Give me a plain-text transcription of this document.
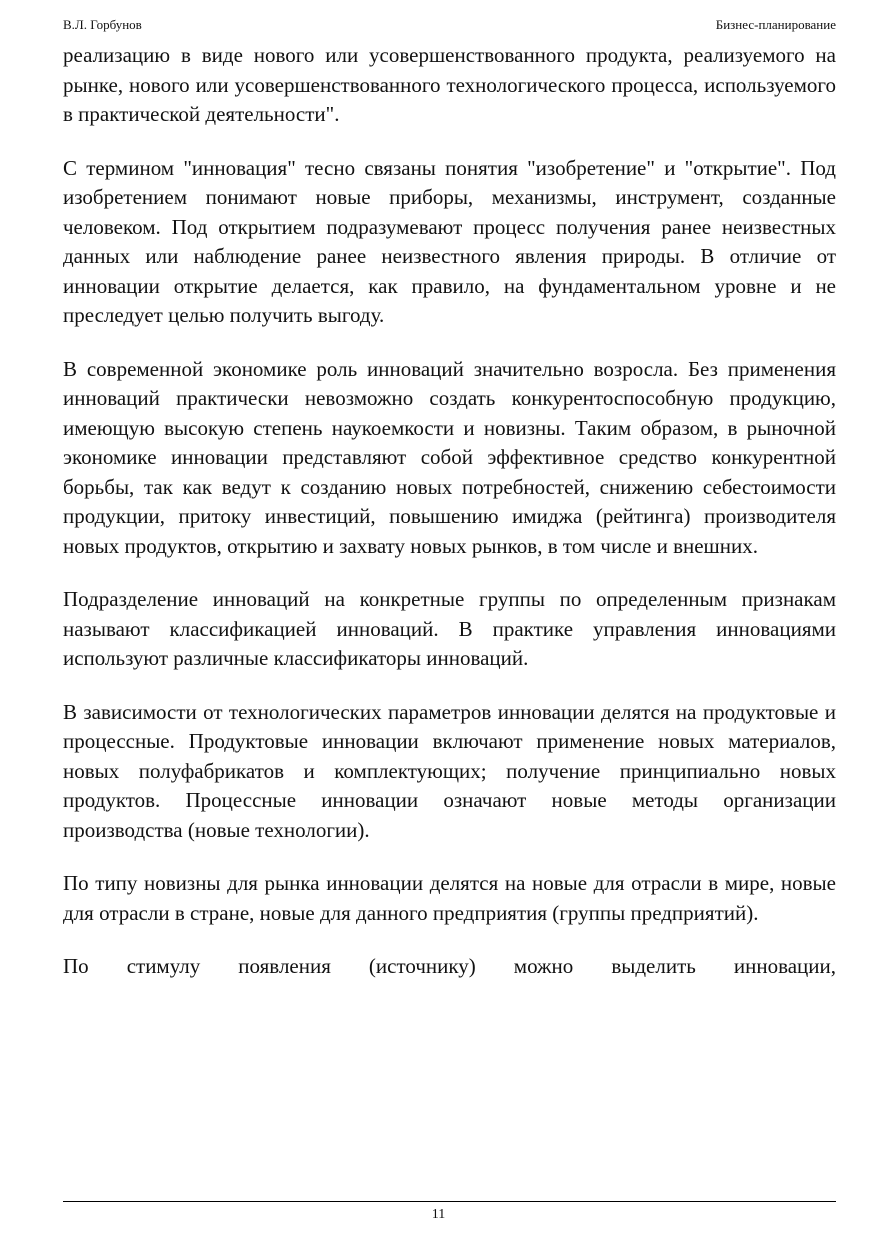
В.Л. Горбунов	Бизнес-планирование

реализацию в виде нового или усовершенствованного продукта, реализуемого на рынке, нового или усовершенствованного технологического процесса, используемого в практической деятельности".

С термином "инновация" тесно связаны понятия "изобретение" и "открытие". Под изобретением понимают новые приборы, механизмы, инструмент, созданные человеком. Под открытием подразумевают процесс получения ранее неизвестных данных или наблюдение ранее неизвестного явления природы. В отличие от инновации открытие делается, как правило, на фундаментальном уровне и не преследует целью получить выгоду.

В современной экономике роль инноваций значительно возросла. Без применения инноваций практически невозможно создать конкурентоспособную продукцию, имеющую высокую степень наукоемкости и новизны. Таким образом, в рыночной экономике инновации представляют собой эффективное средство конкурентной борьбы, так как ведут к созданию новых потребностей, снижению себестоимости продукции, притоку инвестиций, повышению имиджа (рейтинга) производителя новых продуктов, открытию и захвату новых рынков, в том числе и внешних.

Подразделение инноваций на конкретные группы по определенным признакам называют классификацией инноваций. В практике управления инновациями используют различные классификаторы инноваций.

В зависимости от технологических параметров инновации делятся на продуктовые и процессные. Продуктовые инновации включают применение новых материалов, новых полуфабрикатов и комплектующих; получение принципиально новых продуктов. Процессные инновации означают новые методы организации производства (новые технологии).

По типу новизны для рынка инновации делятся на новые для отрасли в мире, новые для отрасли в стране, новые для данного предприятия (группы предприятий).

По стимулу появления (источнику) можно выделить инновации,

11
